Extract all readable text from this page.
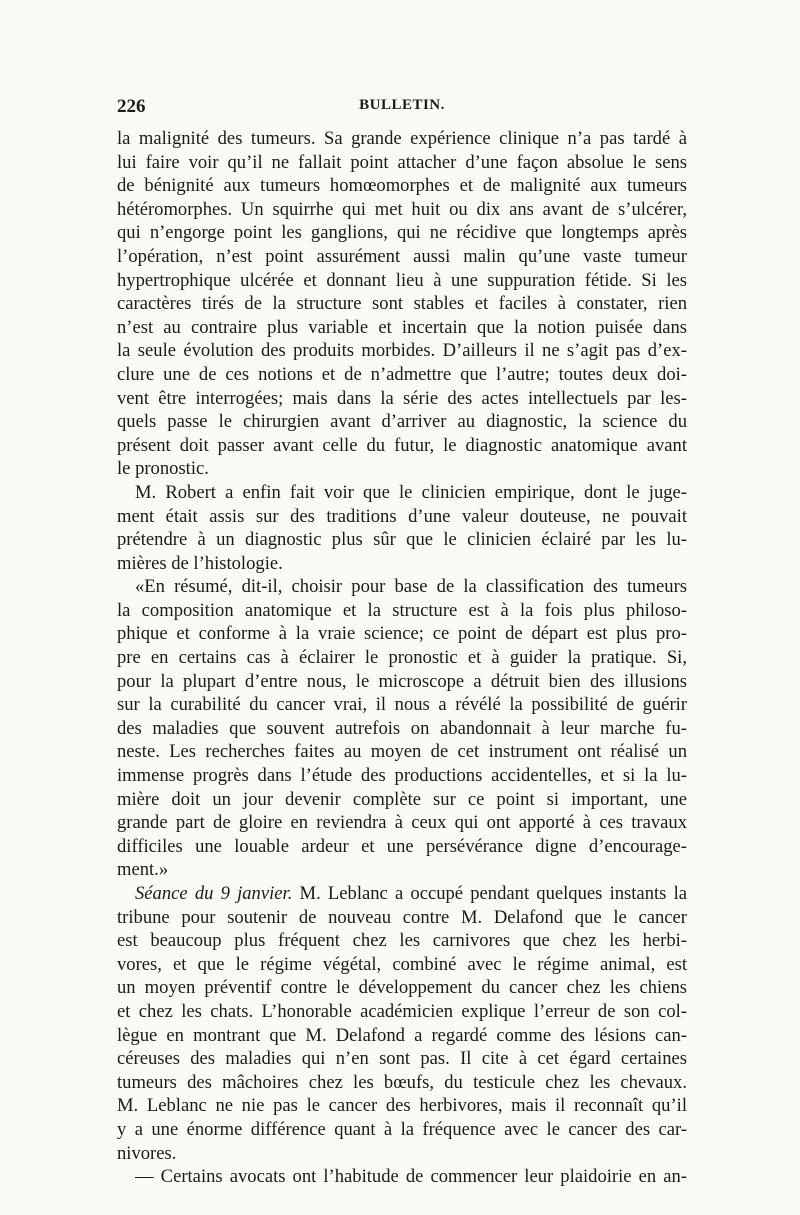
226	BULLETIN.
la malignité des tumeurs. Sa grande expérience clinique n’a pas tardé à
lui faire voir qu’il ne fallait point attacher d’une façon absolue le sens
de bénignité aux tumeurs homœomorphes et de malignité aux tumeurs
hétéromorphes. Un squirrhe qui met huit ou dix ans avant de s’ulcérer,
qui n’engorge point les ganglions, qui ne récidive que longtemps après
l’opération, n’est point assurément aussi malin qu’une vaste tumeur
hypertrophique ulcérée et donnant lieu à une suppuration fétide. Si les
caractères tirés de la structure sont stables et faciles à constater, rien
n’est au contraire plus variable et incertain que la notion puisée dans
la seule évolution des produits morbides. D’ailleurs il ne s’agit pas d’ex-
clure une de ces notions et de n’admettre que l’autre; toutes deux doi-
vent être interrogées; mais dans la série des actes intellectuels par les-
quels passe le chirurgien avant d’arriver au diagnostic, la science du
présent doit passer avant celle du futur, le diagnostic anatomique avant
le pronostic.
M. Robert a enfin fait voir que le clinicien empirique, dont le juge-
ment était assis sur des traditions d’une valeur douteuse, ne pouvait
prétendre à un diagnostic plus sûr que le clinicien éclairé par les lu-
mières de l’histologie.
«En résumé, dit-il, choisir pour base de la classification des tumeurs
la composition anatomique et la structure est à la fois plus philoso-
phique et conforme à la vraie science; ce point de départ est plus pro-
pre en certains cas à éclairer le pronostic et à guider la pratique. Si,
pour la plupart d’entre nous, le microscope a détruit bien des illusions
sur la curabilité du cancer vrai, il nous a révélé la possibilité de guérir
des maladies que souvent autrefois on abandonnait à leur marche fu-
neste. Les recherches faites au moyen de cet instrument ont réalisé un
immense progrès dans l’étude des productions accidentelles, et si la lu-
mière doit un jour devenir complète sur ce point si important, une
grande part de gloire en reviendra à ceux qui ont apporté à ces travaux
difficiles une louable ardeur et une persévérance digne d’encourage-
ment.»
Séance du 9 janvier. M. Leblanc a occupé pendant quelques instants la
tribune pour soutenir de nouveau contre M. Delafond que le cancer
est beaucoup plus fréquent chez les carnivores que chez les herbi-
vores, et que le régime végétal, combiné avec le régime animal, est
un moyen préventif contre le développement du cancer chez les chiens
et chez les chats. L’honorable académicien explique l’erreur de son col-
lègue en montrant que M. Delafond a regardé comme des lésions can-
céreuses des maladies qui n’en sont pas. Il cite à cet égard certaines
tumeurs des mâchoires chez les bœufs, du testicule chez les chevaux.
M. Leblanc ne nie pas le cancer des herbivores, mais il reconnaît qu’il
y a une énorme différence quant à la fréquence avec le cancer des car-
nivores.
— Certains avocats ont l’habitude de commencer leur plaidoirie en an-
